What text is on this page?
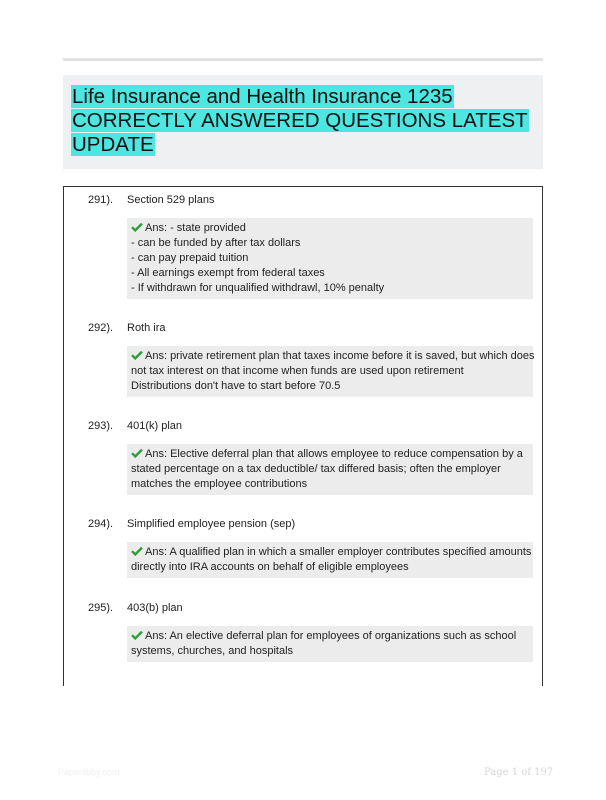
Life Insurance and Health Insurance 1235
CORRECTLY ANSWERED QUESTIONS LATEST
UPDATE
291). Section 529 plans
Ans: - state provided
- can be funded by after tax dollars
- can pay prepaid tuition
- All earnings exempt from federal taxes
- If withdrawn for unqualified withdrawl, 10% penalty
292). Roth ira
Ans: private retirement plan that taxes income before it is saved, but which does
not tax interest on that income when funds are used upon retirement
Distributions don't have to start before 70.5
293). 401(k) plan
Ans: Elective deferral plan that allows employee to reduce compensation by a
stated percentage on a tax deductible/ tax differed basis; often the employer
matches the employee contributions
294). Simplified employee pension (sep)
Ans: A qualified plan in which a smaller employer contributes specified amounts
directly into IRA accounts on behalf of eligible employees
295). 403(b) plan
Ans: An elective deferral plan for employees of organizations such as school
systems, churches, and hospitals
Paperlibby.com	Page 1 of 197
